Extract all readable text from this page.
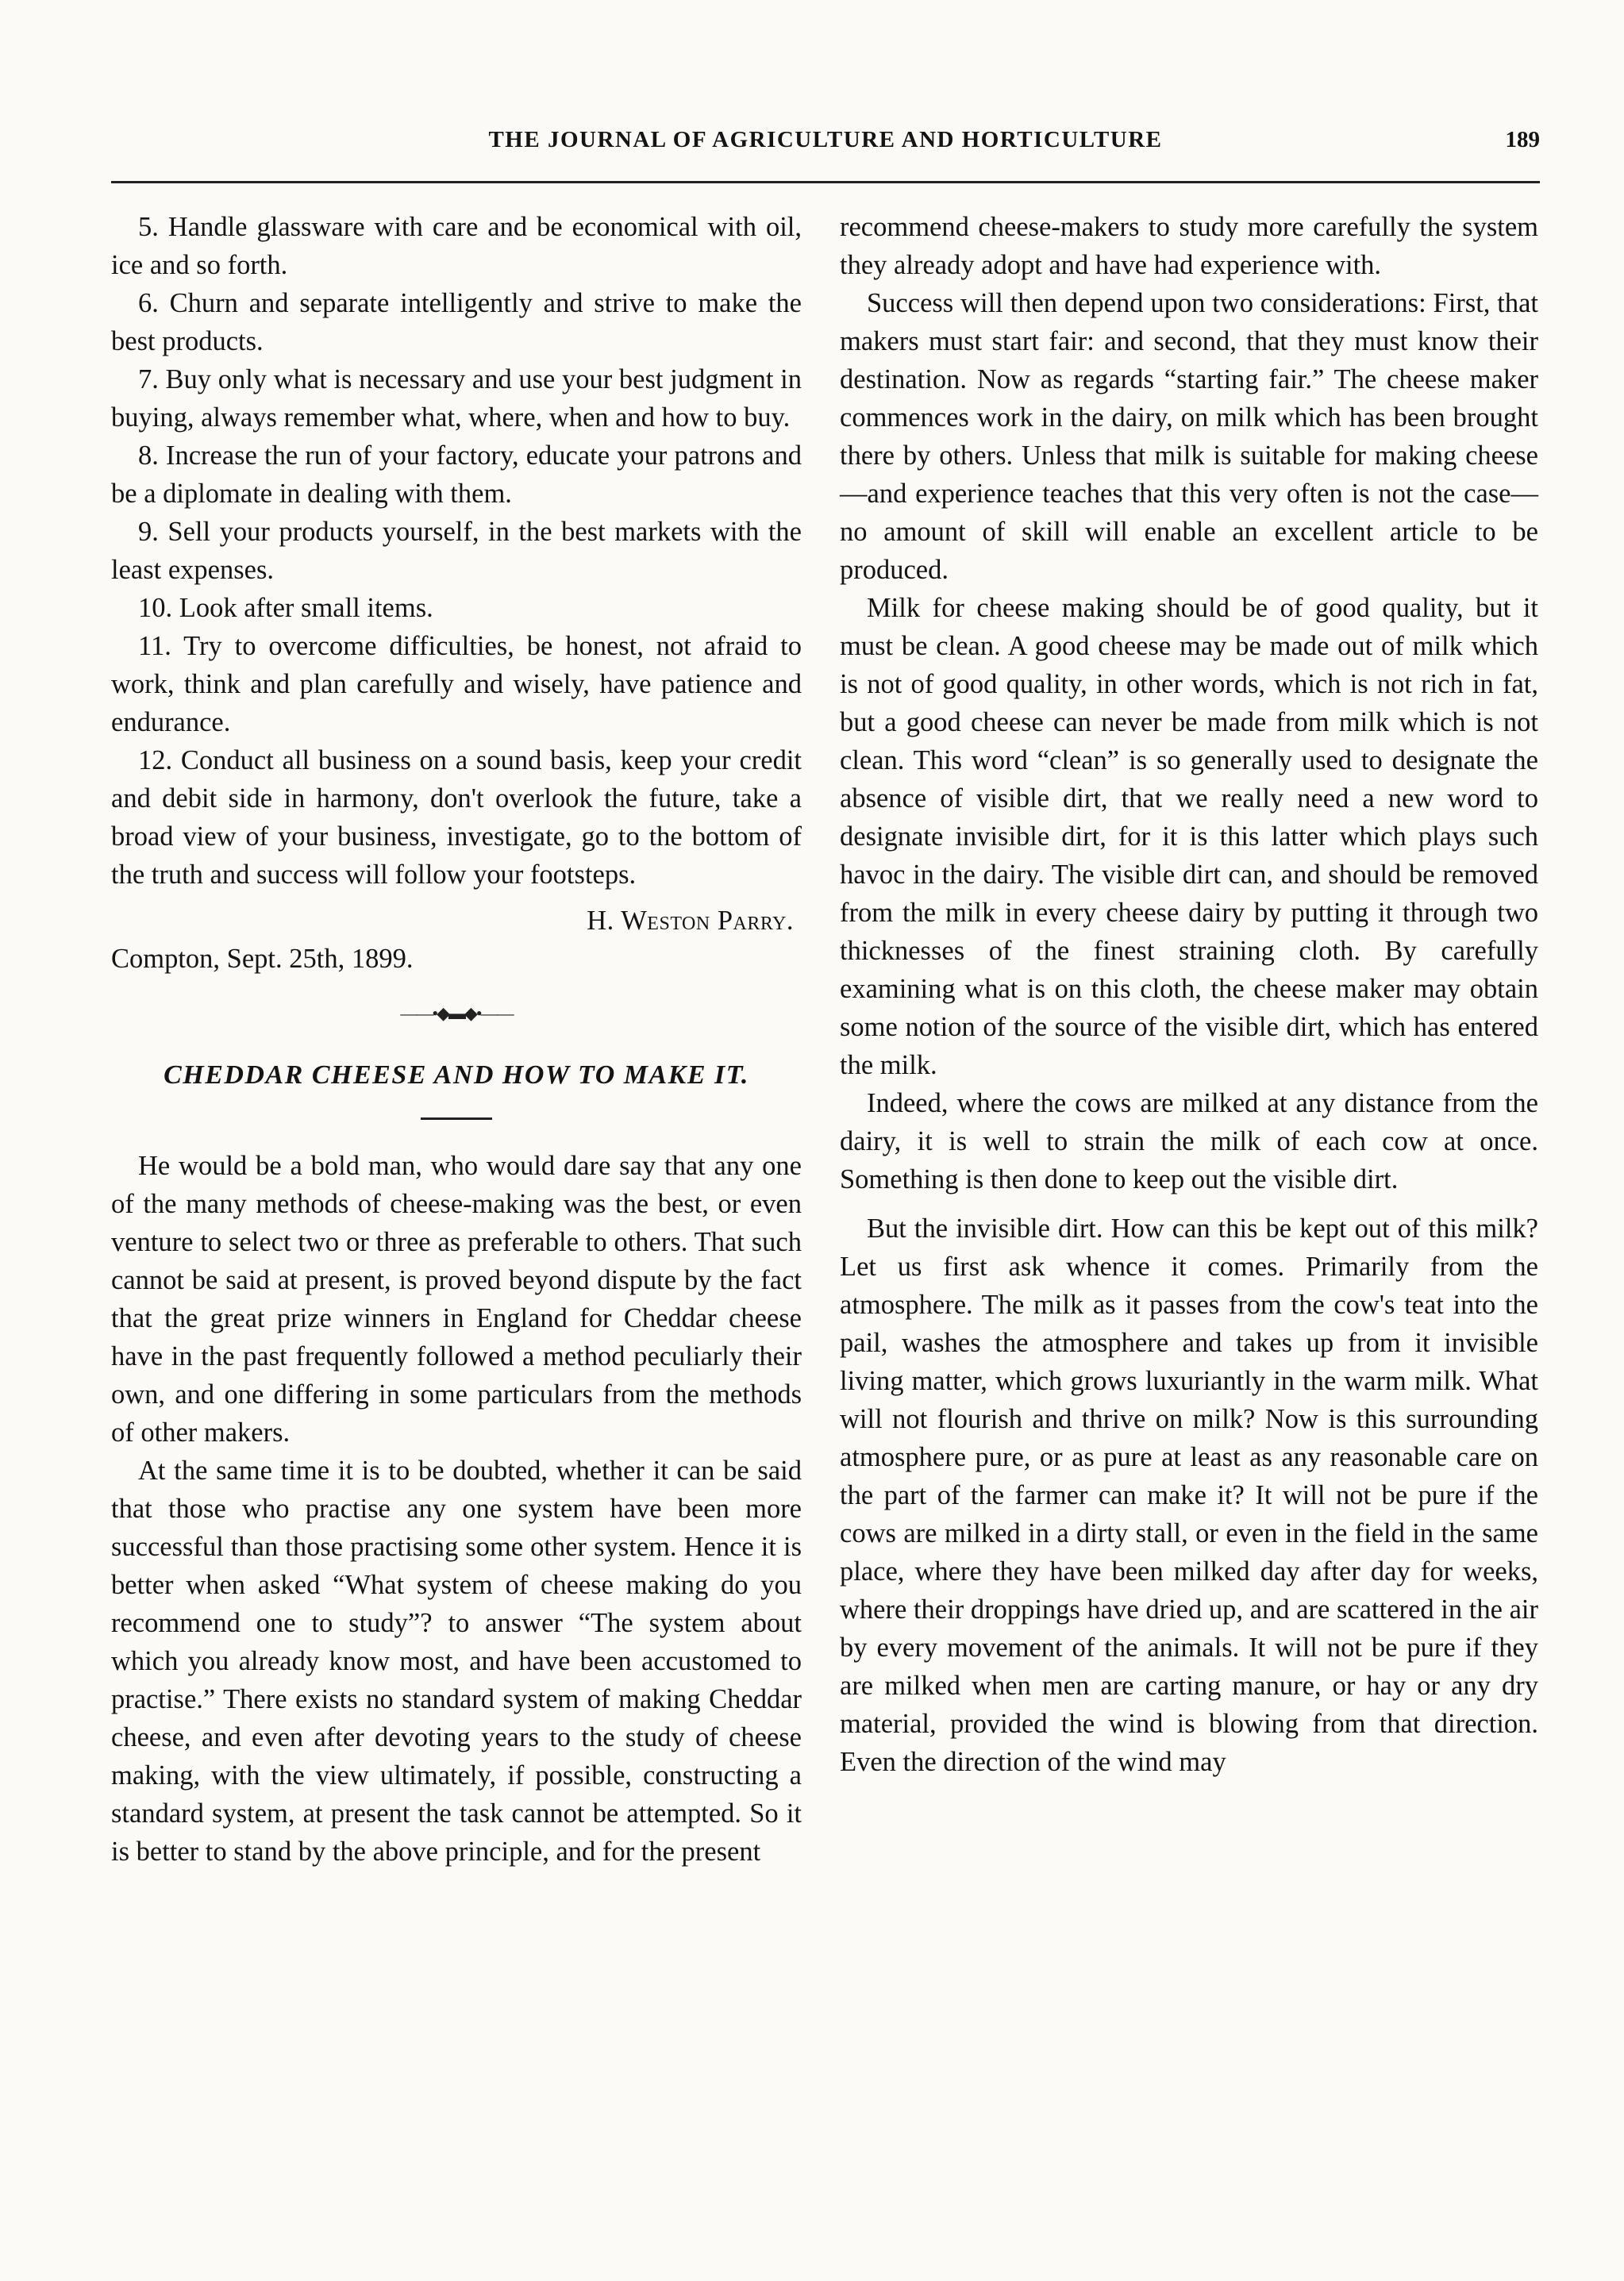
THE JOURNAL OF AGRICULTURE AND HORTICULTURE	189

5. Handle glassware with care and be economical with oil, ice and so forth.

6. Churn and separate intelligently and strive to make the best products.

7. Buy only what is necessary and use your best judgment in buying, always remember what, where, when and how to buy.

8. Increase the run of your factory, educate your patrons and be a diplomate in dealing with them.

9. Sell your products yourself, in the best markets with the least expenses.

10. Look after small items.

11. Try to overcome difficulties, be honest, not afraid to work, think and plan carefully and wisely, have patience and endurance.

12. Conduct all business on a sound basis, keep your credit and debit side in harmony, don't overlook the future, take a broad view of your business, investigate, go to the bottom of the truth and success will follow your footsteps.

H. Weston Parry.
Compton, Sept. 25th, 1899.
——•◆▬◆•——
CHEDDAR CHEESE AND HOW TO MAKE IT.

He would be a bold man, who would dare say that any one of the many methods of cheese-making was the best, or even venture to select two or three as preferable to others. That such cannot be said at present, is proved beyond dispute by the fact that the great prize winners in England for Cheddar cheese have in the past frequently followed a method peculiarly their own, and one differing in some particulars from the methods of other makers.

At the same time it is to be doubted, whether it can be said that those who practise any one system have been more successful than those practising some other system. Hence it is better when asked “What system of cheese making do you recommend one to study”? to answer “The system about which you already know most, and have been accustomed to practise.” There exists no standard system of making Cheddar cheese, and even after devoting years to the study of cheese making, with the view ultimately, if possible, constructing a standard system, at present the task cannot be attempted. So it is better to stand by the above principle, and for the present

recommend cheese-makers to study more carefully the system they already adopt and have had experience with.

Success will then depend upon two considerations: First, that makers must start fair: and second, that they must know their destination. Now as regards “starting fair.” The cheese maker commences work in the dairy, on milk which has been brought there by others. Unless that milk is suitable for making cheese—and experience teaches that this very often is not the case—no amount of skill will enable an excellent article to be produced.

Milk for cheese making should be of good quality, but it must be clean. A good cheese may be made out of milk which is not of good quality, in other words, which is not rich in fat, but a good cheese can never be made from milk which is not clean. This word “clean” is so generally used to designate the absence of visible dirt, that we really need a new word to designate invisible dirt, for it is this latter which plays such havoc in the dairy. The visible dirt can, and should be removed from the milk in every cheese dairy by putting it through two thicknesses of the finest straining cloth. By carefully examining what is on this cloth, the cheese maker may obtain some notion of the source of the visible dirt, which has entered the milk.

Indeed, where the cows are milked at any distance from the dairy, it is well to strain the milk of each cow at once. Something is then done to keep out the visible dirt.

But the invisible dirt. How can this be kept out of this milk? Let us first ask whence it comes. Primarily from the atmosphere. The milk as it passes from the cow's teat into the pail, washes the atmosphere and takes up from it invisible living matter, which grows luxuriantly in the warm milk. What will not flourish and thrive on milk? Now is this surrounding atmosphere pure, or as pure at least as any reasonable care on the part of the farmer can make it? It will not be pure if the cows are milked in a dirty stall, or even in the field in the same place, where they have been milked day after day for weeks, where their droppings have dried up, and are scattered in the air by every movement of the animals. It will not be pure if they are milked when men are carting manure, or hay or any dry material, provided the wind is blowing from that direction. Even the direction of the wind may
